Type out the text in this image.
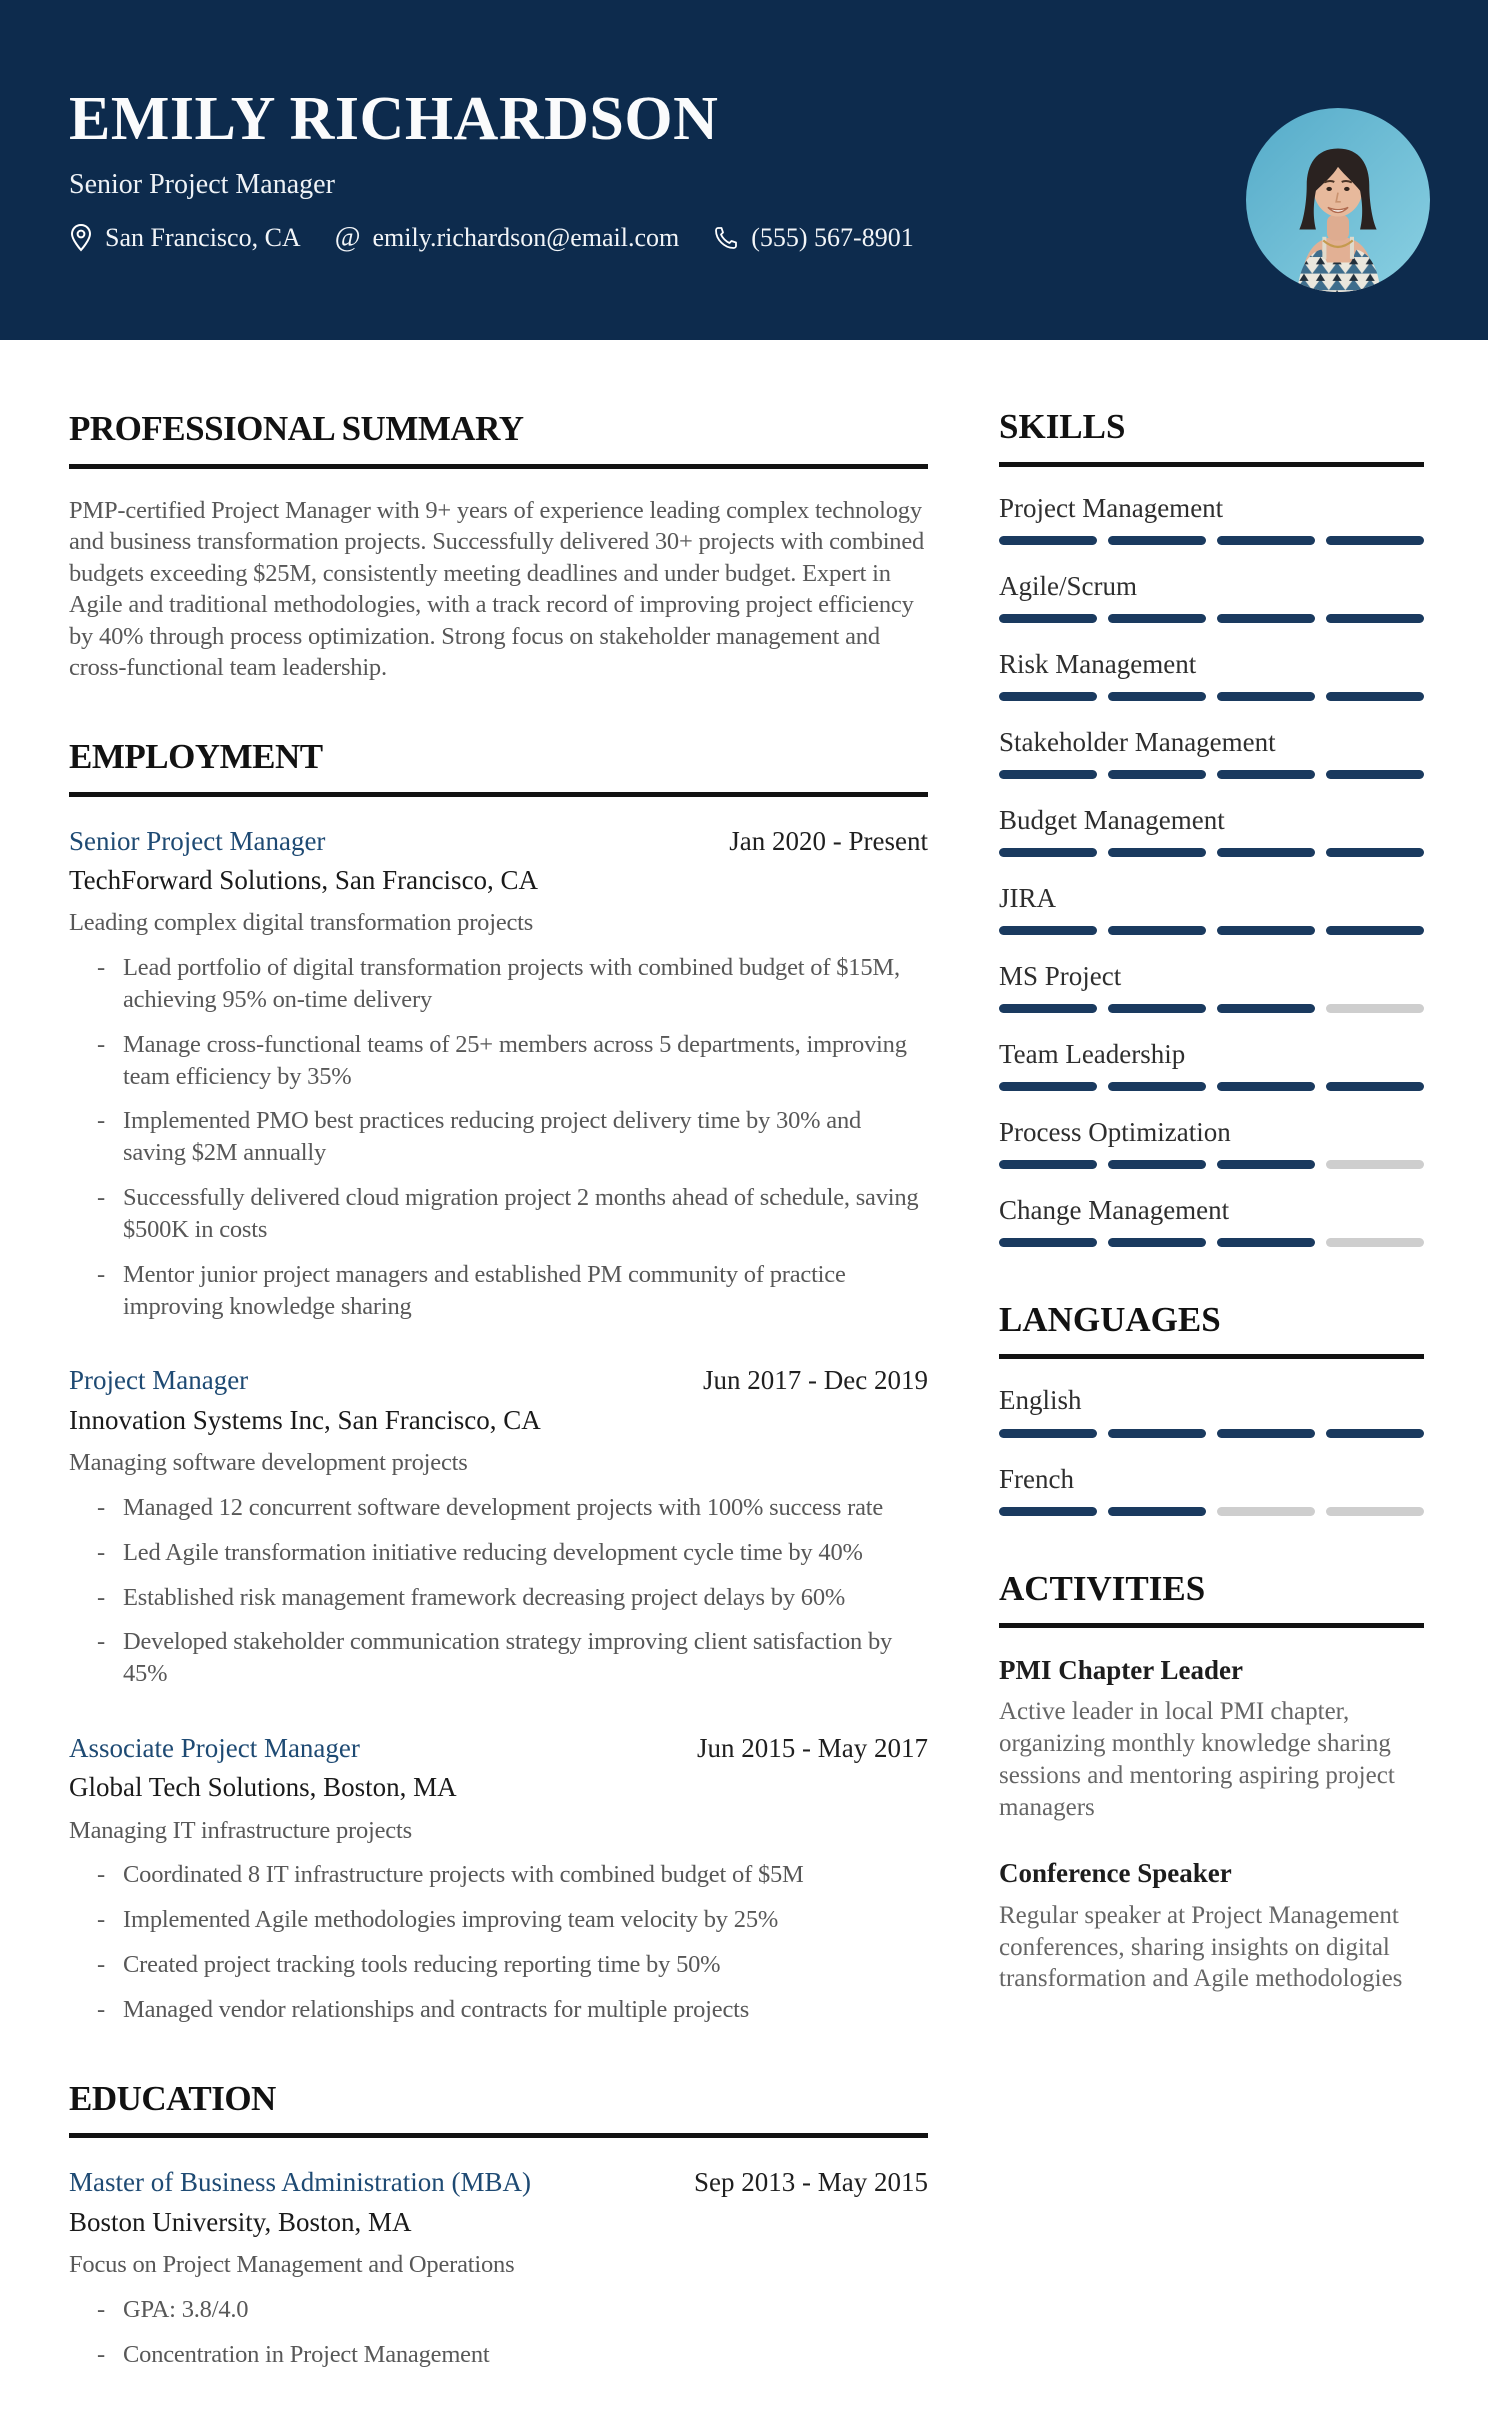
EMILY RICHARDSON
Senior Project Manager
San Francisco, CA @ emily.richardson@email.com	(555) 567-8901
PROFESSIONAL SUMMARY

PMP-certified Project Manager with 9+ years of experience leading complex technology and business transformation projects. Successfully delivered 30+ projects with combined budgets exceeding $25M, consistently meeting deadlines and under budget. Expert in Agile and traditional methodologies, with a track record of improving project efficiency by 40% through process optimization. Strong focus on stakeholder management and cross-functional team leadership.

EMPLOYMENT
Senior Project Manager	Jan 2020 - Present
TechForward Solutions, San Francisco, CA
Leading complex digital transformation projects
- Lead portfolio of digital transformation projects with combined budget of $15M, achieving 95% on-time delivery
- Manage cross-functional teams of 25+ members across 5 departments, improving team efficiency by 35%
- Implemented PMO best practices reducing project delivery time by 30% and saving $2M annually
- Successfully delivered cloud migration project 2 months ahead of schedule, saving $500K in costs
- Mentor junior project managers and established PM community of practice improving knowledge sharing
Project Manager	Jun 2017 - Dec 2019
Innovation Systems Inc, San Francisco, CA
Managing software development projects
- Managed 12 concurrent software development projects with 100% success rate
- Led Agile transformation initiative reducing development cycle time by 40%
- Established risk management framework decreasing project delays by 60%
- Developed stakeholder communication strategy improving client satisfaction by 45%
Associate Project Manager	Jun 2015 - May 2017
Global Tech Solutions, Boston, MA
Managing IT infrastructure projects
- Coordinated 8 IT infrastructure projects with combined budget of $5M
- Implemented Agile methodologies improving team velocity by 25%
- Created project tracking tools reducing reporting time by 50%
- Managed vendor relationships and contracts for multiple projects
EDUCATION
Master of Business Administration (MBA)	Sep 2013 - May 2015
Boston University, Boston, MA
Focus on Project Management and Operations
- GPA: 3.8/4.0
- Concentration in Project Management
SKILLS
Project Management
Agile/Scrum
Risk Management
Stakeholder Management
Budget Management
JIRA
MS Project
Team Leadership
Process Optimization
Change Management
LANGUAGES
English
French
ACTIVITIES
PMI Chapter Leader

Active leader in local PMI chapter, organizing monthly knowledge sharing sessions and mentoring aspiring project managers

Conference Speaker

Regular speaker at Project Management conferences, sharing insights on digital transformation and Agile methodologies
